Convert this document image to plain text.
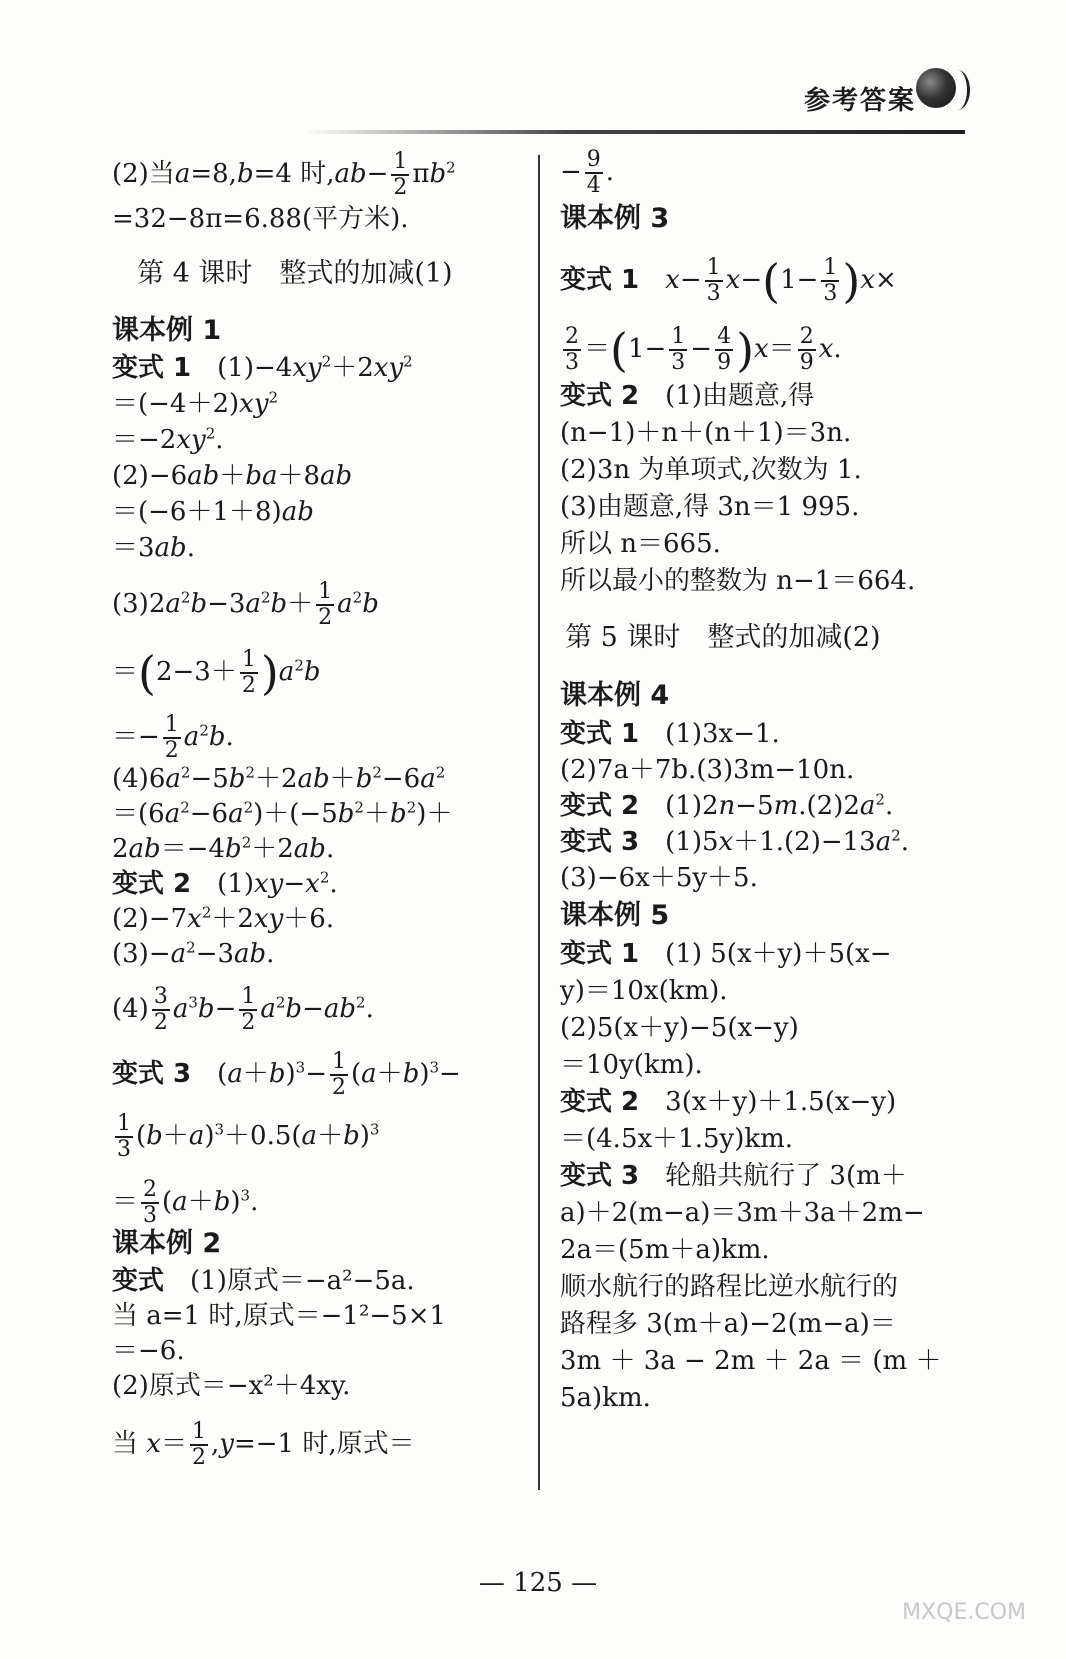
参考答案
(2)当a=8,b=4 时$,ab- \frac{1}{2} \pi b^2$
=32−8π=6.88(平方米).
第 4 课时　整式的加减(1)
课本例 1
变式 1　$(1)-4xy^2+2xy^2$
$=(-4+2)xy^2$
$=-2xy^2$.
(2)−6ab＋ba＋8ab
＝(−6＋1＋8)ab
＝3ab.
$(3)2a^2b-3a^2b+ \frac{1}{2} a^2b$
$=(2-3+ \frac{1}{2} )a^2b$
＝− $\frac{1}{2} a^2b$.
$(4)6a^2-5b^2+2ab+b^2-6a^2$
$=(6a^2-6a^2)+(-5b^2+b^2)+$
$2ab=-4b^2+2ab$.
变式 2　$(1)xy-x^2$.
$(2)-7x^2+2xy+6$.
$(3)-a^2-3ab$.
$(4) \frac{3}{2} a^3b- \frac{1}{2} a^2b-ab^2$.
变式 3　$(a+b)^3- \frac{1}{2} (a+b)^3-$
$\frac{1}{3} (b+a)^3+0.5(a+b)^3$
＝ $\frac{2}{3} (a+b)^3$.
课本例 2
变式　 (1)原式＝−a²−5a.
当 a=1 时,原式＝−1²−5×1
＝−6.
(2)原式＝−x²＋4xy.
当 $x= \frac{1}{2} ,y=-1$ 时,原式＝
− $\frac{9}{4}$ .
课本例 3
变式 1　 $x- \frac{1}{3} x-(1- \frac{1}{3} )x\times$
$\frac{2}{3} =(1- \frac{1}{3} - \frac{4}{9} )x= \frac{2}{9} x$.
变式 2　 (1)由题意,得
(n−1)＋n＋(n＋1)＝3n.
(2)3n 为单项式,次数为 1.
(3)由题意,得 3n＝1 995.
所以 n＝665.
所以最小的整数为 n−1＝664.
第 5 课时　整式的加减(2)
课本例 4
变式 1　 (1)3x−1.
(2)7a＋7b.(3)3m−10n.
变式 2　$(1)2n-5m.(2)2a^2$.
变式 3　$(1)5x+1.(2)-13a^2$.
(3)−6x＋5y＋5.
课本例 5
变式 1　 (1) 5(x＋y)＋5(x−
y)＝10x(km).
(2)5(x＋y)−5(x−y)
＝10y(km).
变式 2　 3(x＋y)＋1.5(x−y)
＝(4.5x＋1.5y)km.
变式 3　 轮船共航行了 3(m＋
a)＋2(m−a)＝3m＋3a＋2m−
2a＝(5m＋a)km.
顺水航行的路程比逆水航行的
路程多 3(m＋a)−2(m−a)＝
3m ＋ 3a − 2m ＋ 2a ＝ (m ＋
5a)km.
— 125 —
MXQE.COM
